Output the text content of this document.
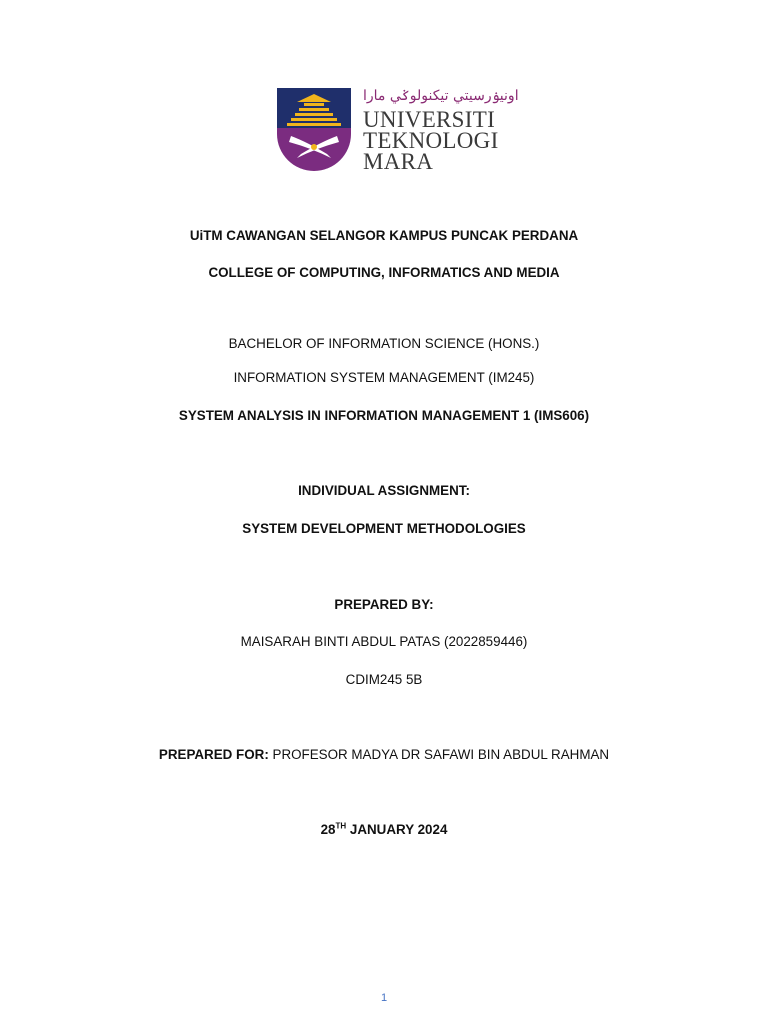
اونيۏرسيتي تيكنولوݢي مارا
UNIVERSITI
TEKNOLOGI
MARA
UiTM CAWANGAN SELANGOR KAMPUS PUNCAK PERDANA
COLLEGE OF COMPUTING, INFORMATICS AND MEDIA
BACHELOR OF INFORMATION SCIENCE (HONS.)
INFORMATION SYSTEM MANAGEMENT (IM245)
SYSTEM ANALYSIS IN INFORMATION MANAGEMENT 1 (IMS606)
INDIVIDUAL ASSIGNMENT:
SYSTEM DEVELOPMENT METHODOLOGIES
PREPARED BY:
MAISARAH BINTI ABDUL PATAS (2022859446)
CDIM245 5B
PREPARED FOR: PROFESOR MADYA DR SAFAWI BIN ABDUL RAHMAN
28TH JANUARY 2024
1
